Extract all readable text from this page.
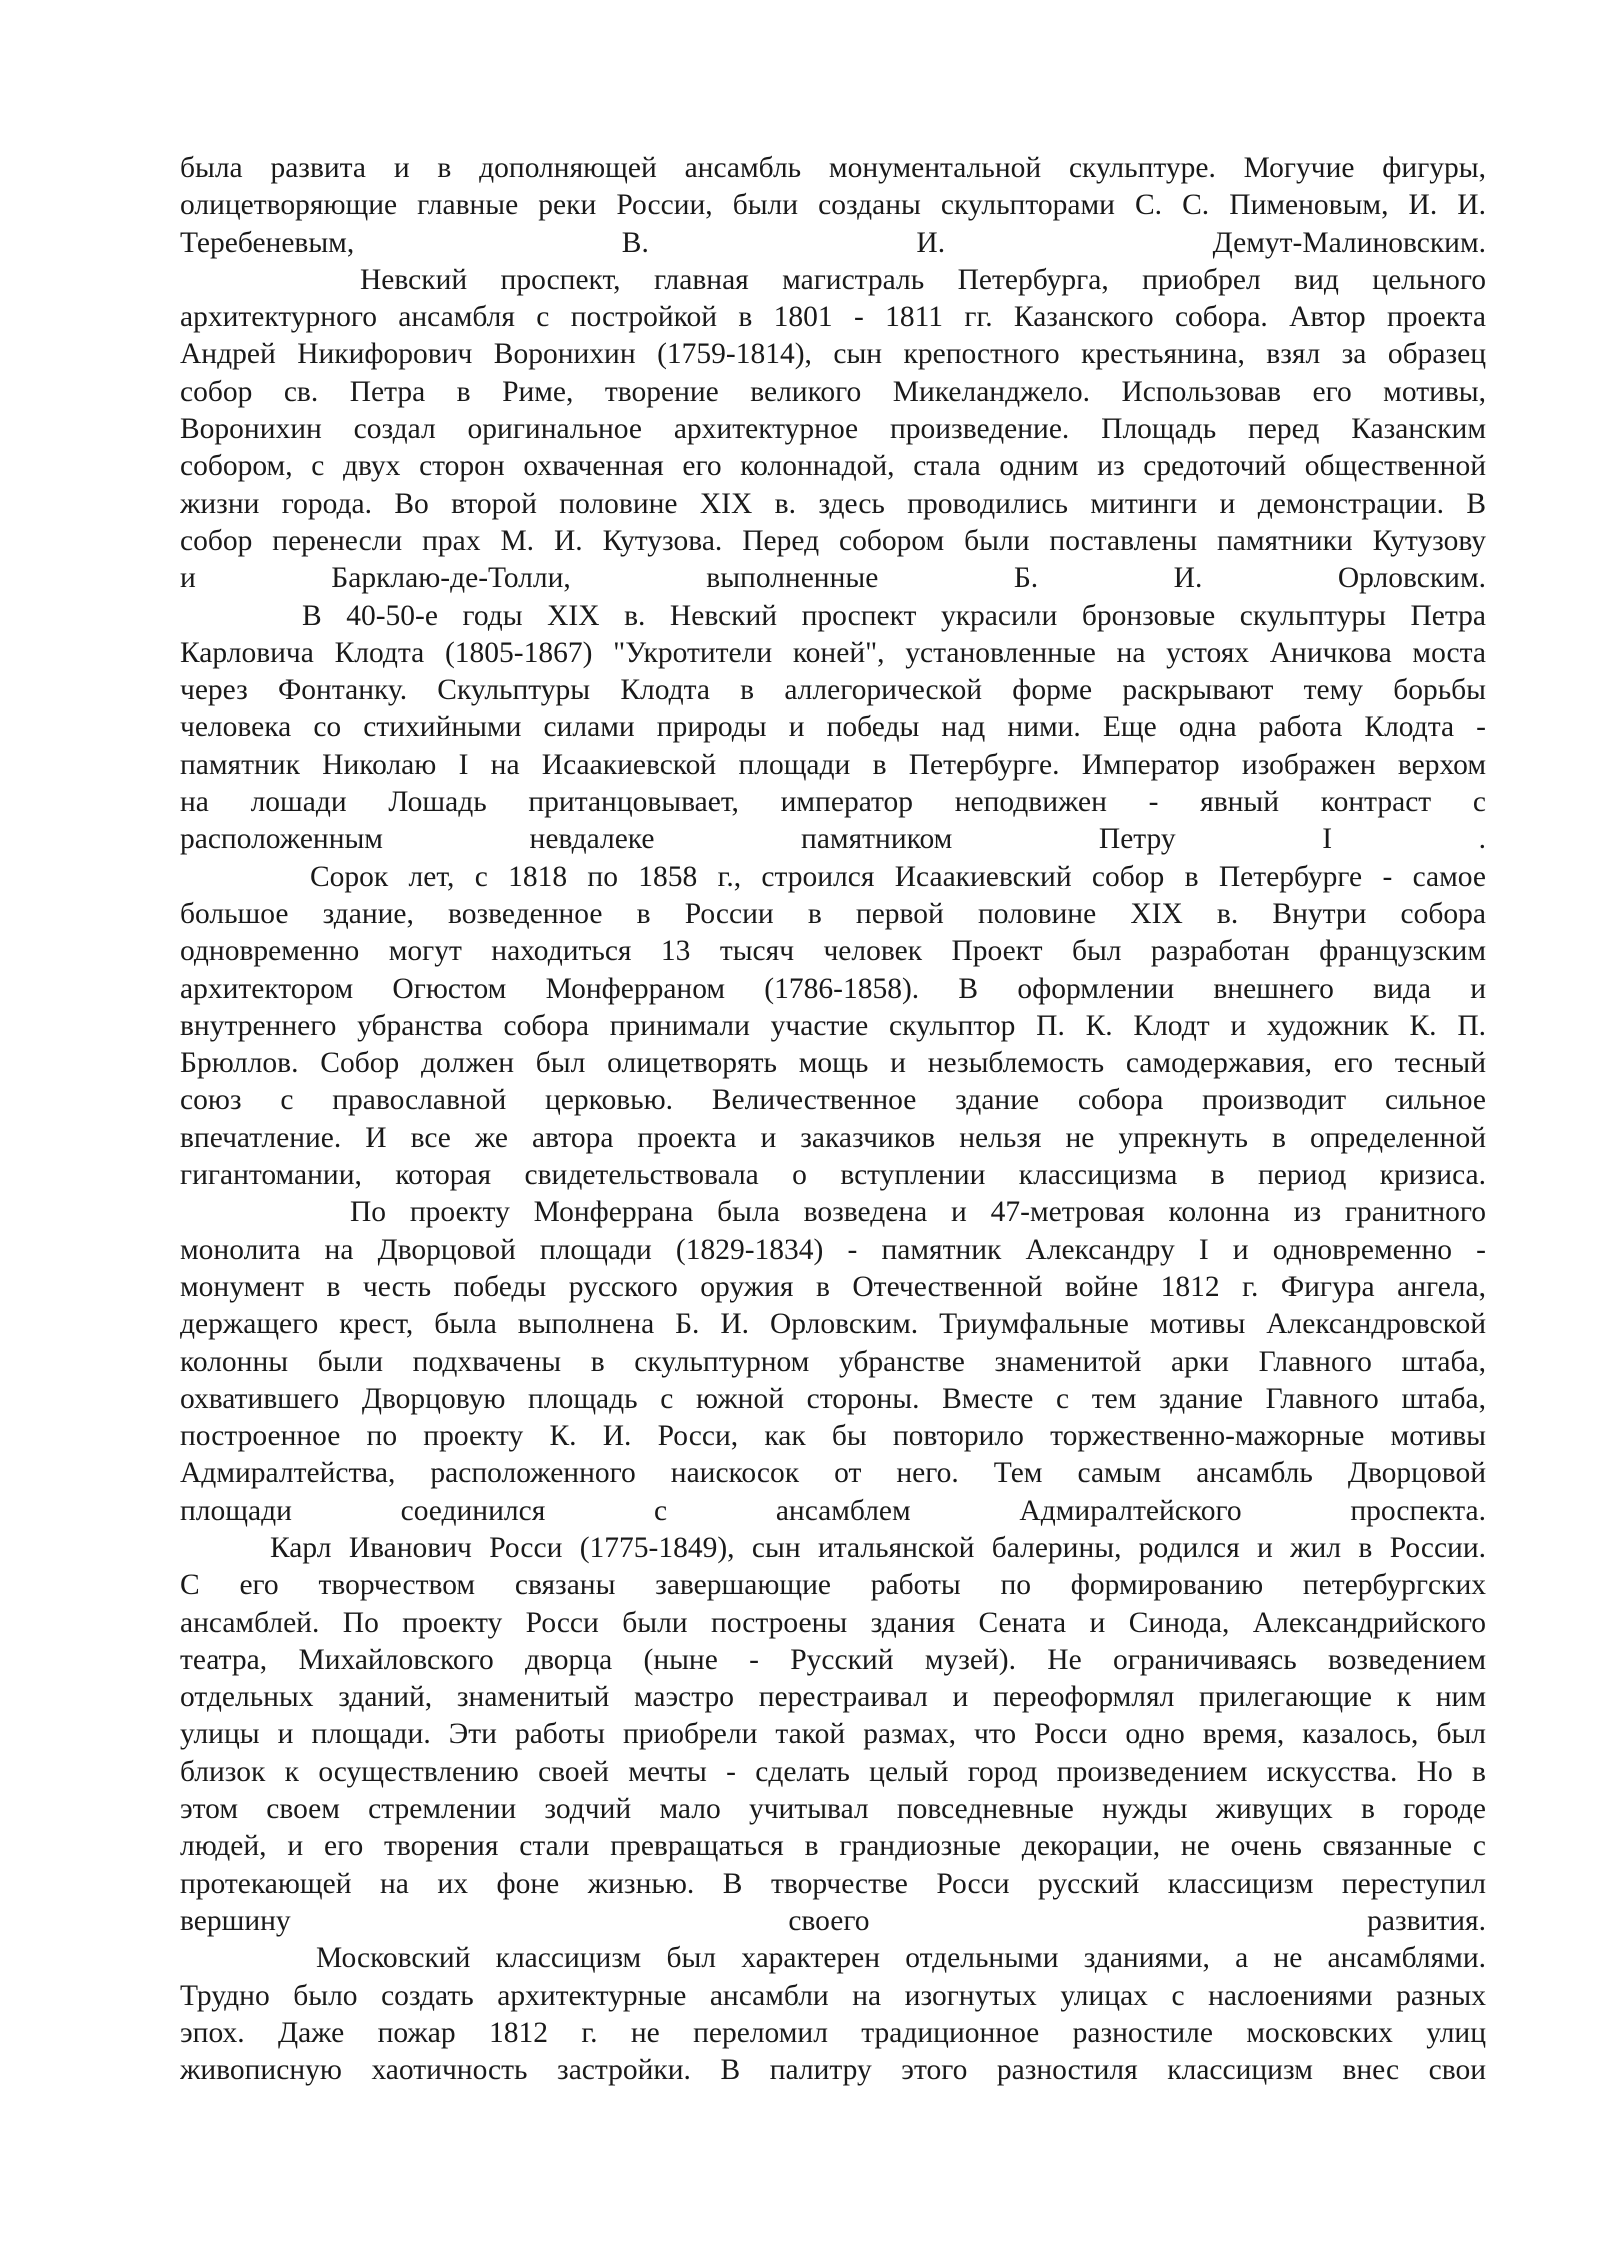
была развита и в дополняющей ансамбль монументальной скульптуре. Могучие фигуры,
олицетворяющие главные реки России, были созданы скульпторами С. С. Пименовым, И. И.
Теребеневым, В. И. Демут-Малиновским.
Невский проспект, главная магистраль Петербурга, приобрел вид цельного
архитектурного ансамбля с постройкой в 1801 - 1811 гг. Казанского собора. Автор проекта
Андрей Никифорович Воронихин (1759-1814), сын крепостного крестьянина, взял за образец
собор св. Петра в Риме, творение великого Микеланджело. Использовав его мотивы,
Воронихин создал оригинальное архитектурное произведение. Площадь перед Казанским
собором, с двух сторон охваченная его колоннадой, стала одним из средоточий общественной
жизни города. Во второй половине XIX в. здесь проводились митинги и демонстрации. В
собор перенесли прах М. И. Кутузова. Перед собором были поставлены памятники Кутузову
и Барклаю-де-Толли, выполненные Б. И. Орловским.
В 40-50-е годы XIX в. Невский проспект украсили бронзовые скульптуры Петра
Карловича Клодта (1805-1867) "Укротители коней", установленные на устоях Аничкова моста
через Фонтанку. Скульптуры Клодта в аллегорической форме раскрывают тему борьбы
человека со стихийными силами природы и победы над ними. Еще одна работа Клодта -
памятник Николаю I на Исаакиевской площади в Петербурге. Император изображен верхом
на лошади Лошадь пританцовывает, император неподвижен - явный контраст с
расположенным невдалеке памятником Петру I .
Сорок лет, с 1818 по 1858 г., строился Исаакиевский собор в Петербурге - самое
большое здание, возведенное в России в первой половине XIX в. Внутри собора
одновременно могут находиться 13 тысяч человек Проект был разработан французским
архитектором Огюстом Монферраном (1786-1858). В оформлении внешнего вида и
внутреннего убранства собора принимали участие скульптор П. К. Клодт и художник К. П.
Брюллов. Собор должен был олицетворять мощь и незыблемость самодержавия, его тесный
союз с православной церковью. Величественное здание собора производит сильное
впечатление. И все же автора проекта и заказчиков нельзя не упрекнуть в определенной
гигантомании, которая свидетельствовала о вступлении классицизма в период кризиса.
По проекту Монферрана была возведена и 47-метровая колонна из гранитного
монолита на Дворцовой площади (1829-1834) - памятник Александру I и одновременно -
монумент в честь победы русского оружия в Отечественной войне 1812 г. Фигура ангела,
держащего крест, была выполнена Б. И. Орловским. Триумфальные мотивы Александровской
колонны были подхвачены в скульптурном убранстве знаменитой арки Главного штаба,
охватившего Дворцовую площадь с южной стороны. Вместе с тем здание Главного штаба,
построенное по проекту К. И. Росси, как бы повторило торжественно-мажорные мотивы
Адмиралтейства, расположенного наискосок от него. Тем самым ансамбль Дворцовой
площади соединился с ансамблем Адмиралтейского проспекта.
Карл Иванович Росси (1775-1849), сын итальянской балерины, родился и жил в России.
С его творчеством связаны завершающие работы по формированию петербургских
ансамблей. По проекту Росси были построены здания Сената и Синода, Александрийского
театра, Михайловского дворца (ныне - Русский музей). Не ограничиваясь возведением
отдельных зданий, знаменитый маэстро перестраивал и переоформлял прилегающие к ним
улицы и площади. Эти работы приобрели такой размах, что Росси одно время, казалось, был
близок к осуществлению своей мечты - сделать целый город произведением искусства. Но в
этом своем стремлении зодчий мало учитывал повседневные нужды живущих в городе
людей, и его творения стали превращаться в грандиозные декорации, не очень связанные с
протекающей на их фоне жизнью. В творчестве Росси русский классицизм переступил
вершину своего развития.
Московский классицизм был характерен отдельными зданиями, а не ансамблями.
Трудно было создать архитектурные ансамбли на изогнутых улицах с наслоениями разных
эпох. Даже пожар 1812 г. не переломил традиционное разностиле московских улиц
живописную хаотичность застройки. В палитру этого разностиля классицизм внес свои
